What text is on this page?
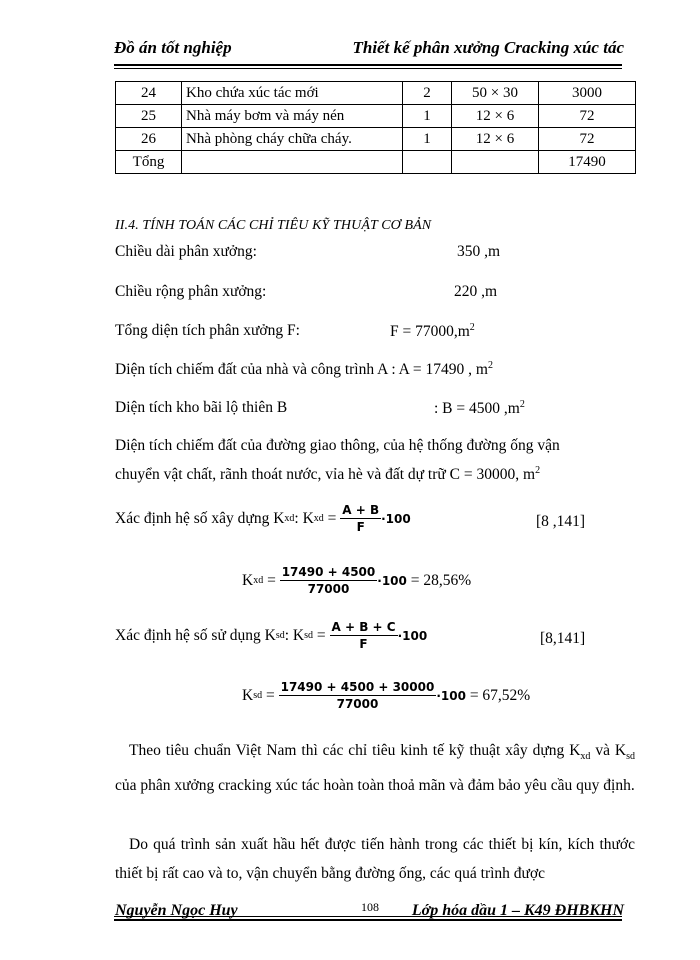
Đồ án tốt nghiệp	Thiết kế phân xưởng Cracking xúc tác
24	Kho chứa xúc tác mới	2	50 × 30	3000
25	Nhà máy bơm và máy nén	1	12 × 6	72
26	Nhà phòng cháy chữa cháy.	1	12 × 6	72
Tổng				17490
II.4. TÍNH TOÁN CÁC CHỈ TIÊU KỸ THUẬT CƠ BẢN
Chiều dài phân xưởng:	350 ,m
Chiều rộng phân xưởng:	220 ,m
Tổng diện tích phân xưởng F:	$F = 77000,m^2$
Diện tích chiếm đất của nhà và công trình A : A = 17490 , $m^2$
Diện tích kho bãi lộ thiên B	: B = 4500 $,m^2$
Diện tích chiếm đất của đường giao thông, của hệ thống đường ống vận
chuyển vật chất, rãnh thoát nước, vỉa hè và đất dự trữ C = 30000, $m^2$
Xác định hệ số xây dựng K xd : K xd = $\frac{A + B}{F} \cdot 100$	[8 ,141]
K xd = $\frac{17490 + 4500}{77000} \cdot 100$
= 28,56%
Xác định hệ số sử dụng K sd : K sd = $\frac{A + B + C}{F} \cdot 100$	[8,141]
K sd = $\frac{17490 + 4500 + 30000}{77000} \cdot 100$
= 67,52%
Theo tiêu chuẩn Việt Nam thì các chỉ tiêu kinh tế kỹ thuật xây dựng $K_{xd}$ và $K_{sd}$ của phân xưởng cracking xúc tác hoàn toàn thoả mãn và đảm bảo yêu cầu quy định.
Do quá trình sản xuất hầu hết được tiến hành trong các thiết bị kín, kích thước thiết bị rất cao và to, vận chuyển bằng đường ống, các quá trình được
Nguyễn Ngọc Huy	108 Lớp hóa dầu 1 – K49 ĐHBKHN
